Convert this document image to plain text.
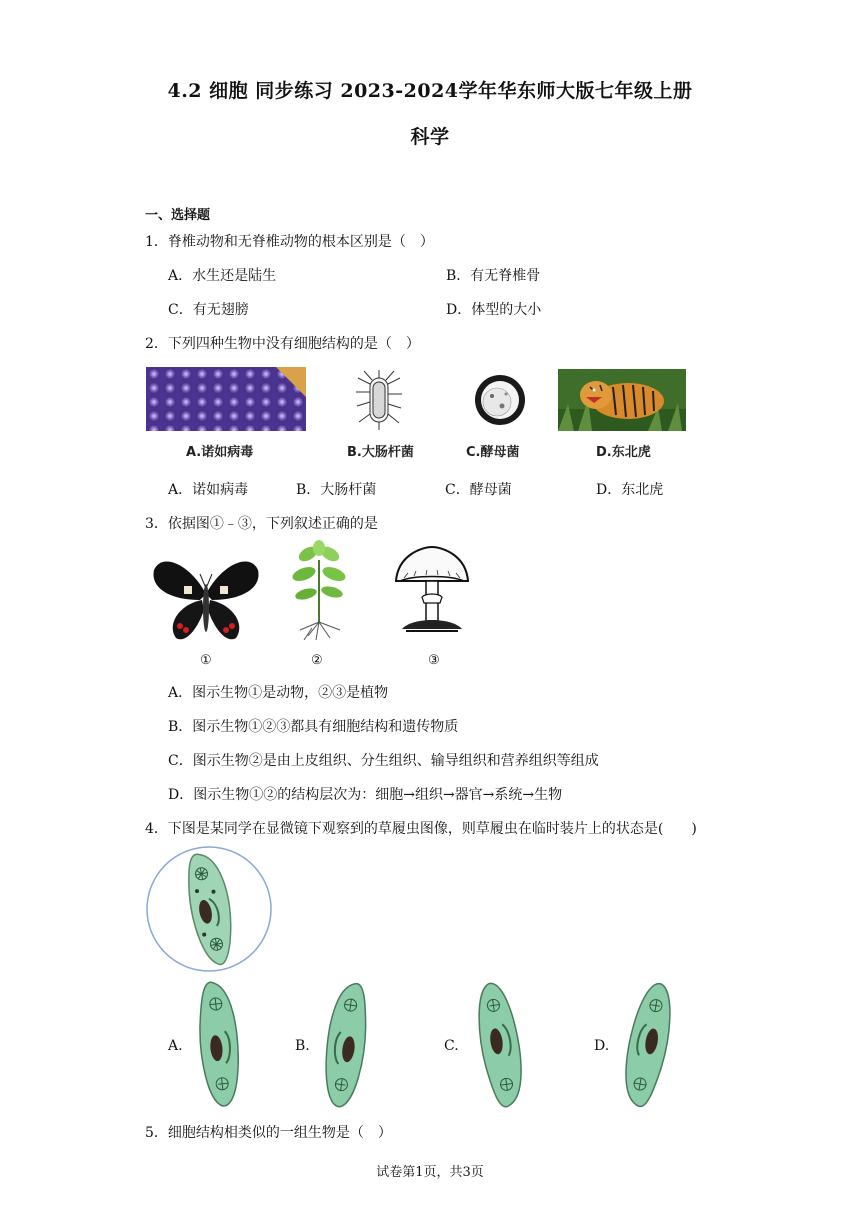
4.2 细胞 同步练习 2023-2024学年华东师大版七年级上册
科学
一、选择题
1．脊椎动物和无脊椎动物的根本区别是（　）
A．水生还是陆生	B．有无脊椎骨
C．有无翅膀	D．体型的大小
2．下列四种生物中没有细胞结构的是（　）
A.诺如病毒	B.大肠杆菌	C.酵母菌	D.东北虎
A．诺如病毒	B．大肠杆菌	C．酵母菌	D．东北虎
3．依据图①﹣③，下列叙述正确的是
①	②	③
A．图示生物①是动物，②③是植物
B．图示生物①②③都具有细胞结构和遗传物质
C．图示生物②是由上皮组织、分生组织、输导组织和营养组织等组成
D．图示生物①②的结构层次为：细胞→组织→器官→系统→生物
4．下图是某同学在显微镜下观察到的草履虫图像，则草履虫在临时装片上的状态是(　　)
A.	B.	C.	D.
5．细胞结构相类似的一组生物是（　）
试卷第1页，共3页
